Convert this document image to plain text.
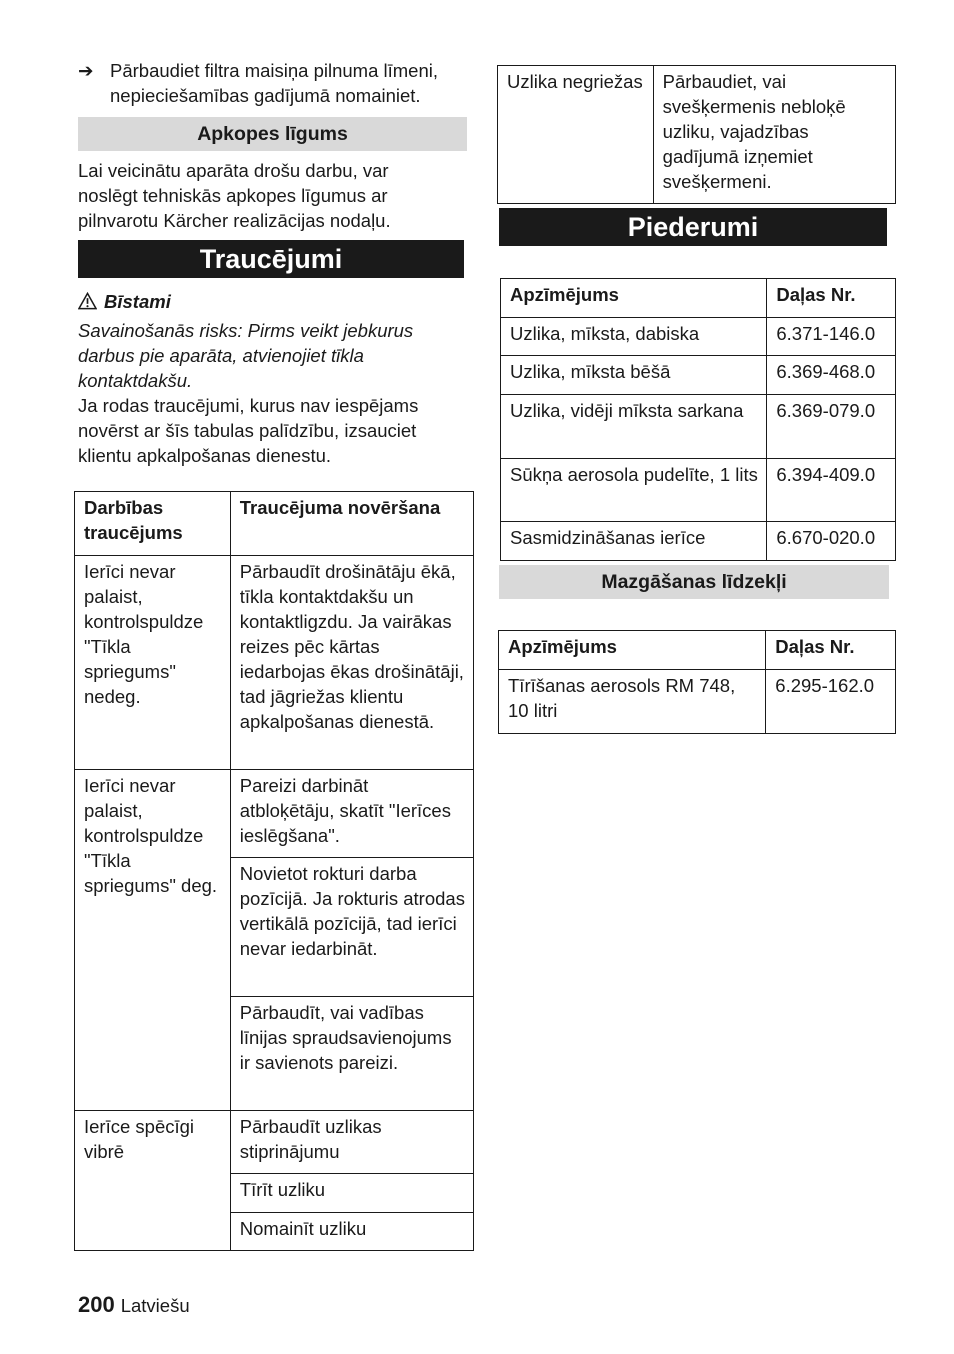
➔ Pārbaudiet filtra maisiņa pilnuma līmeni, nepieciešamības gadījumā nomainiet.
Apkopes līgums

Lai veicinātu aparāta drošu darbu, var noslēgt tehniskās apkopes līgumus ar pilnvarotu Kärcher realizācijas nodaļu.

Traucējumi
Bīstami

Savainošanās risks: Pirms veikt jebkurus darbus pie aparāta, atvienojiet tīkla kontaktdakšu.

Ja rodas traucējumi, kurus nav iespējams novērst ar šīs tabulas palīdzību, izsauciet klientu apkalpošanas dienestu.

Darbības traucējums	Traucējuma novēršana
Ierīci nevar palaist, kontrolspuldze "Tīkla spriegums" nedeg.	Pārbaudīt drošinātāju ēkā, tīkla kontaktdakšu un kontaktligzdu. Ja vairākas reizes pēc kārtas iedarbojas ēkas drošinātāji, tad jāgriežas klientu apkalpošanas dienestā.
Ierīci nevar palaist, kontrolspuldze "Tīkla spriegums" deg.	Pareizi darbināt atbloķētāju, skatīt "Ierīces ieslēgšana".
	Novietot rokturi darba pozīcijā. Ja rokturis atrodas vertikālā pozīcijā, tad ierīci nevar iedarbināt.
	Pārbaudīt, vai vadības līnijas spraudsavienojums ir savienots pareizi.
Ierīce spēcīgi vibrē	Pārbaudīt uzlikas stiprinājumu
	Tīrīt uzliku
	Nomainīt uzliku
Uzlika negriežas	Pārbaudiet, vai svešķermenis nebloķē uzliku, vajadzības gadījumā izņemiet svešķermeni.
Piederumi
Apzīmējums	Daļas Nr.
Uzlika, mīksta, dabiska	6.371-146.0
Uzlika, mīksta bēšā	6.369-468.0
Uzlika, vidēji mīksta sarkana	6.369-079.0
Sūkņa aerosola pudelīte, 1 lits	6.394-409.0
Sasmidzināšanas ierīce	6.670-020.0
Mazgāšanas līdzekļi
Apzīmējums	Daļas Nr.
Tīrīšanas aerosols RM 748, 10 litri	6.295-162.0
200 Latviešu
